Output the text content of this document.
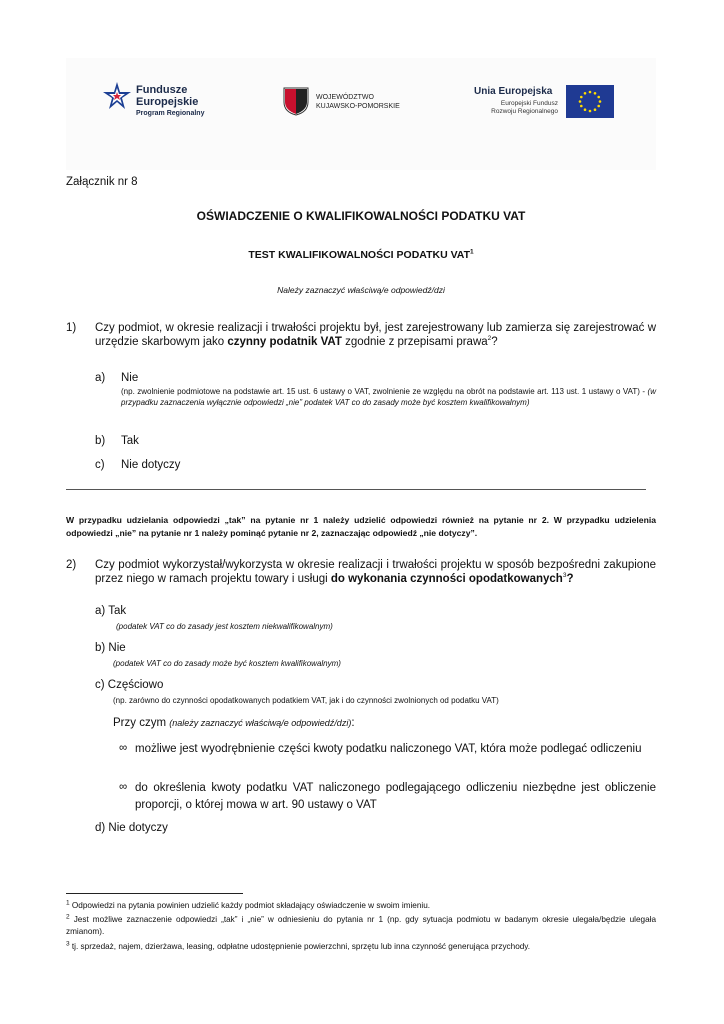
Fundusze
Europejskie
Program Regionalny
WOJEWÓDZTWO
KUJAWSKO-POMORSKIE
Unia Europejska
Europejski Fundusz
Rozwoju Regionalnego
Załącznik nr 8
OŚWIADCZENIE O KWALIFIKOWALNOŚCI PODATKU VAT
TEST KWALIFIKOWALNOŚCI PODATKU VAT$^1$
Należy zaznaczyć właściwą/e odpowiedź/dzi
1) Czy podmiot, w okresie realizacji i trwałości projektu był, jest zarejestrowany lub zamierza się zarejestrować w urzędzie skarbowym jako czynny podatnik VAT zgodnie z przepisami prawa$^2$?
a) Nie
(np. zwolnienie podmiotowe na podstawie art. 15 ust. 6 ustawy o VAT, zwolnienie ze względu na obrót na podstawie art. 113 ust. 1 ustawy o VAT) - (w przypadku zaznaczenia wyłącznie odpowiedzi „nie” podatek VAT co do zasady może być kosztem kwalifikowalnym)
b) Tak
c) Nie dotyczy
W przypadku udzielania odpowiedzi „tak” na pytanie nr 1 należy udzielić odpowiedzi również na pytanie nr 2. W przypadku udzielenia odpowiedzi „nie” na pytanie nr 1 należy pominąć pytanie nr 2, zaznaczając odpowiedź „nie dotyczy”.
2) Czy podmiot wykorzystał/wykorzysta w okresie realizacji i trwałości projektu w sposób bezpośredni zakupione przez niego w ramach projektu towary i usługi do wykonania czynności opodatkowanych$^3$?
a) Tak
(podatek VAT co do zasady jest kosztem niekwalifikowalnym)
b) Nie
(podatek VAT co do zasady może być kosztem kwalifikowalnym)
c) Częściowo
(np. zarówno do czynności opodatkowanych podatkiem VAT, jak i do czynności zwolnionych od podatku VAT)
Przy czym (należy zaznaczyć właściwą/e odpowiedź/dzi):
∞ możliwe jest wyodrębnienie części kwoty podatku naliczonego VAT, która może podlegać odliczeniu
∞ do określenia kwoty podatku VAT naliczonego podlegającego odliczeniu niezbędne jest obliczenie proporcji, o której mowa w art. 90 ustawy o VAT
d) Nie dotyczy
$^1$ Odpowiedzi na pytania powinien udzielić każdy podmiot składający oświadczenie w swoim imieniu.
$^2$ Jest możliwe zaznaczenie odpowiedzi „tak” i „nie” w odniesieniu do pytania nr 1 (np. gdy sytuacja podmiotu w badanym okresie ulegała/będzie ulegała zmianom).
$^3$ tj. sprzedaż, najem, dzierżawa, leasing, odpłatne udostępnienie powierzchni, sprzętu lub inna czynność generująca przychody.
